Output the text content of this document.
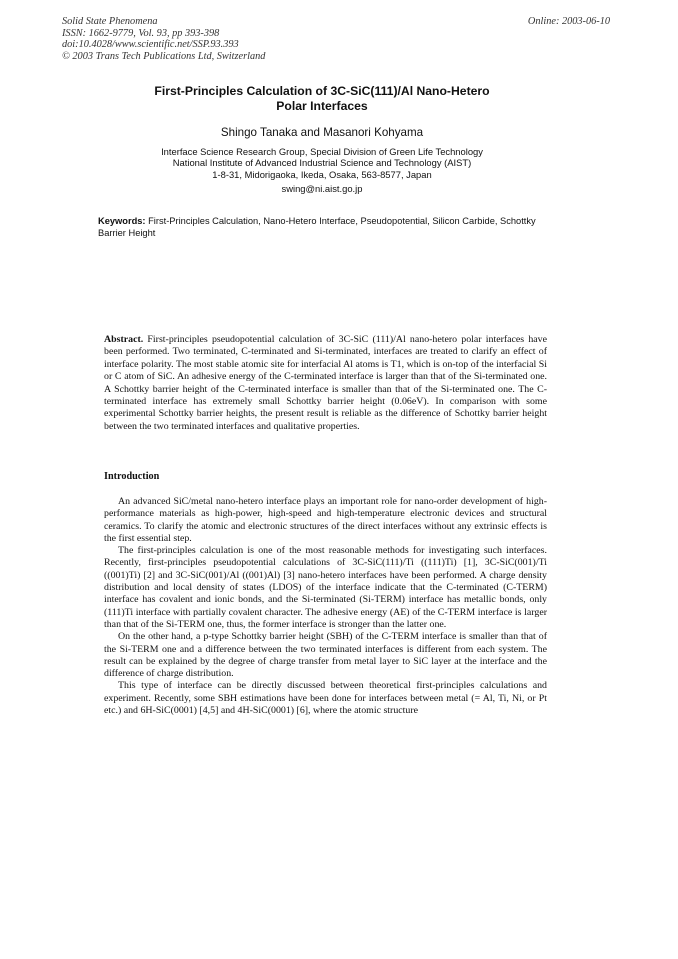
Solid State Phenomena
ISSN: 1662-9779, Vol. 93, pp 393-398
doi:10.4028/www.scientific.net/SSP.93.393
© 2003 Trans Tech Publications Ltd, Switzerland
Online: 2003-06-10
First-Principles Calculation of 3C-SiC(111)/Al Nano-Hetero
Polar Interfaces
Shingo Tanaka and Masanori Kohyama
Interface Science Research Group, Special Division of Green Life Technology
National Institute of Advanced Industrial Science and Technology (AIST)
1-8-31, Midorigaoka, Ikeda, Osaka, 563-8577, Japan
swing@ni.aist.go.jp
Keywords: First-Principles Calculation, Nano-Hetero Interface, Pseudopotential, Silicon Carbide, Schottky Barrier Height
Abstract. First-principles pseudopotential calculation of 3C-SiC (111)/Al nano-hetero polar interfaces have been performed. Two terminated, C-terminated and Si-terminated, interfaces are treated to clarify an effect of interface polarity. The most stable atomic site for interfacial Al atoms is T1, which is on-top of the interfacial Si or C atom of SiC. An adhesive energy of the C-terminated interface is larger than that of the Si-terminated one. A Schottky barrier height of the C-terminated interface is smaller than that of the Si-terminated one. The C-terminated interface has extremely small Schottky barrier height (0.06eV). In comparison with some experimental Schottky barrier heights, the present result is reliable as the difference of Schottky barrier height between the two terminated interfaces and qualitative properties.
Introduction

An advanced SiC/metal nano-hetero interface plays an important role for nano-order development of high-performance materials as high-power, high-speed and high-temperature electronic devices and structural ceramics. To clarify the atomic and electronic structures of the direct interfaces without any extrinsic effects is the first essential step.

The first-principles calculation is one of the most reasonable methods for investigating such interfaces. Recently, first-principles pseudopotential calculations of 3C-SiC(111)/Ti ((111)Ti) [1], 3C-SiC(001)/Ti ((001)Ti) [2] and 3C-SiC(001)/Al ((001)Al) [3] nano-hetero interfaces have been performed. A charge density distribution and local density of states (LDOS) of the interface indicate that the C-terminated (C-TERM) interface has covalent and ionic bonds, and the Si-terminated (Si-TERM) interface has metallic bonds, only (111)Ti interface with partially covalent character. The adhesive energy (AE) of the C-TERM interface is larger than that of the Si-TERM one, thus, the former interface is stronger than the latter one.

On the other hand, a p-type Schottky barrier height (SBH) of the C-TERM interface is smaller than that of the Si-TERM one and a difference between the two terminated interfaces is different from each system. The result can be explained by the degree of charge transfer from metal layer to SiC layer at the interface and the difference of charge distribution.

This type of interface can be directly discussed between theoretical first-principles calculations and experiment. Recently, some SBH estimations have been done for interfaces between metal (= Al, Ti, Ni, or Pt etc.) and 6H-SiC(0001) [4,5] and 4H-SiC(0001) [6], where the atomic structure
